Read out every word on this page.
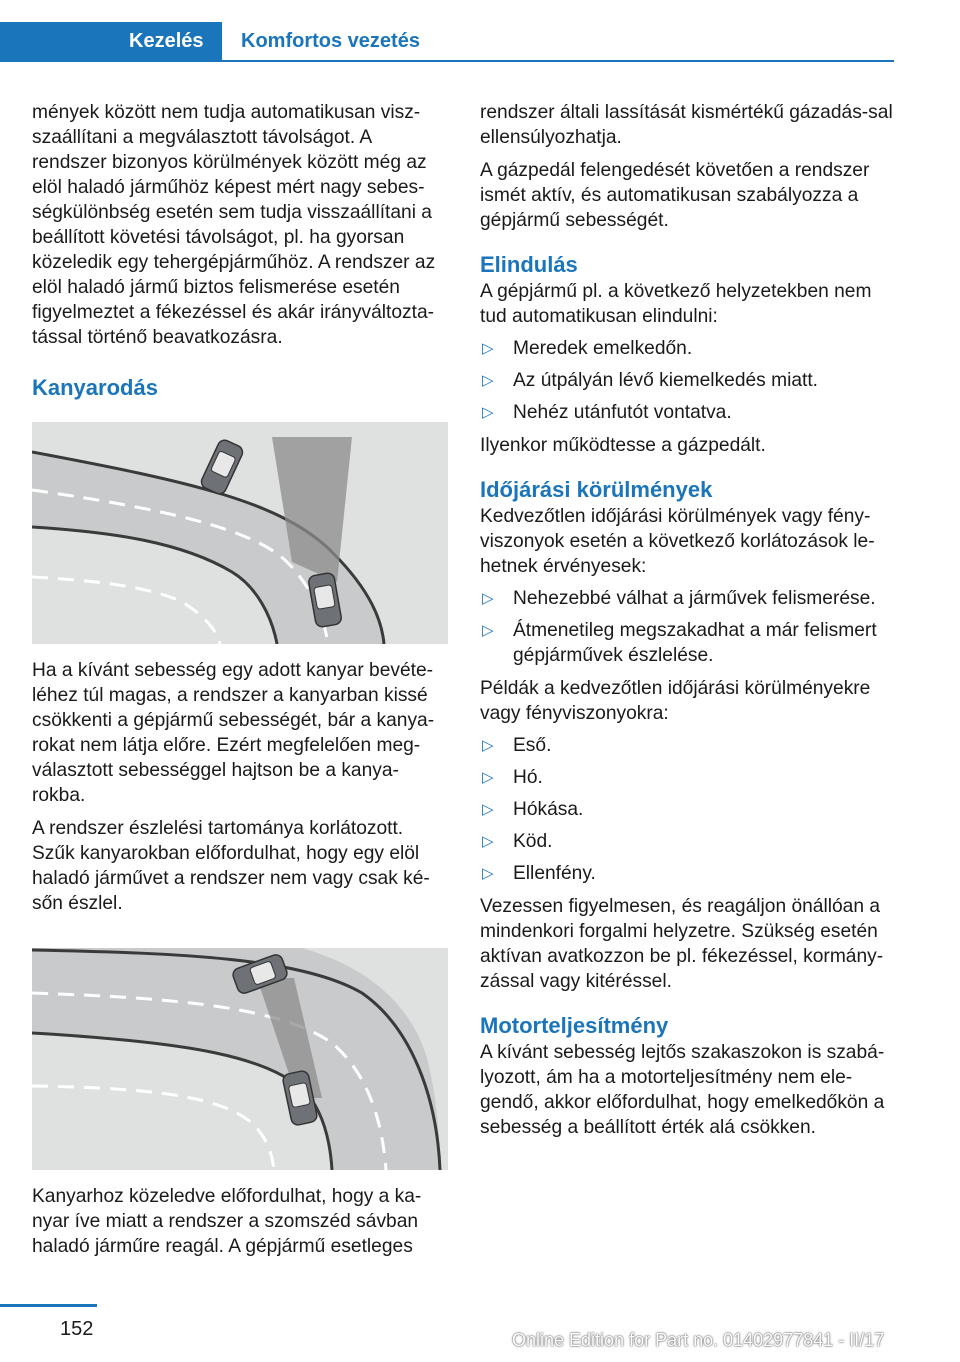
Kezelés Komfortos vezetés

mények között nem tudja automatikusan visz‐szaállítani a megválasztott távolságot. A rendszer bizonyos körülmények között még az elöl haladó járműhöz képest mért nagy sebes‐ségkülönbség esetén sem tudja visszaállítani a beállított követési távolságot, pl. ha gyorsan közeledik egy tehergépjárműhöz. A rendszer az elöl haladó jármű biztos felismerése esetén figyelmeztet a fékezéssel és akár irányváltozta‐tással történő beavatkozásra.

Kanyarodás

Ha a kívánt sebesség egy adott kanyar bevéte‐léhez túl magas, a rendszer a kanyarban kissé csökkenti a gépjármű sebességét, bár a kanya‐rokat nem látja előre. Ezért megfelelően meg‐választott sebességgel hajtson be a kanya‐rokba.

A rendszer észlelési tartománya korlátozott. Szűk kanyarokban előfordulhat, hogy egy elöl haladó járművet a rendszer nem vagy csak ké‐sőn észlel.

Kanyarhoz közeledve előfordulhat, hogy a ka‐nyar íve miatt a rendszer a szomszéd sávban haladó járműre reagál. A gépjármű esetleges

rendszer általi lassítását kismértékű gázadás‐sal ellensúlyozhatja.

A gázpedál felengedését követően a rendszer ismét aktív, és automatikusan szabályozza a gépjármű sebességét.

Elindulás

A gépjármű pl. a következő helyzetekben nem tud automatikusan elindulni:

▷ Meredek emelkedőn.
▷ Az útpályán lévő kiemelkedés miatt.
▷ Nehéz utánfutót vontatva.

Ilyenkor működtesse a gázpedált.

Időjárási körülmények

Kedvezőtlen időjárási körülmények vagy fény‐viszonyok esetén a következő korlátozások le‐hetnek érvényesek:

▷ Nehezebbé válhat a járművek felismerése.
▷ Átmenetileg megszakadhat a már felismert gépjárművek észlelése.

Példák a kedvezőtlen időjárási körülményekre vagy fényviszonyokra:

▷ Eső.
▷ Hó.
▷ Hókása.
▷ Köd.
▷ Ellenfény.

Vezessen figyelmesen, és reagáljon önállóan a mindenkori forgalmi helyzetre. Szükség esetén aktívan avatkozzon be pl. fékezéssel, kormány‐zással vagy kitéréssel.

Motorteljesítmény

A kívánt sebesség lejtős szakaszokon is szabá‐lyozott, ám ha a motorteljesítmény nem ele‐gendő, akkor előfordulhat, hogy emelkedőkön a sebesség a beállított érték alá csökken.

152	Online Edition for Part no. 01402977841 - II/17
